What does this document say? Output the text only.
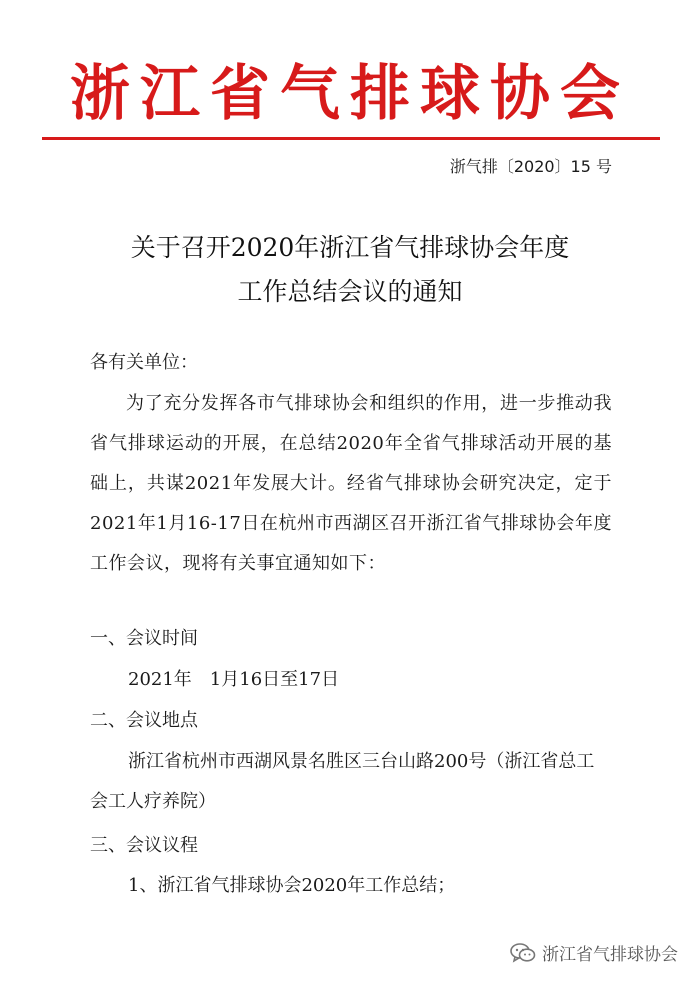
浙江省气排球协会
浙气排〔2020〕15 号
关于召开2020年浙江省气排球协会年度
工作总结会议的通知
各有关单位：
为了充分发挥各市气排球协会和组织的作用，进一步推动我省气排球运动的开展，在总结2020年全省气排球活动开展的基础上，共谋2021年发展大计。经省气排球协会研究决定，定于2021年1月16-17日在杭州市西湖区召开浙江省气排球协会年度工作会议，现将有关事宜通知如下：
一、会议时间
2021年　1月16日至17日
二、会议地点
浙江省杭州市西湖风景名胜区三台山路200号（浙江省总工会工人疗养院）
三、会议议程
1、浙江省气排球协会2020年工作总结；
浙江省气排球协会
